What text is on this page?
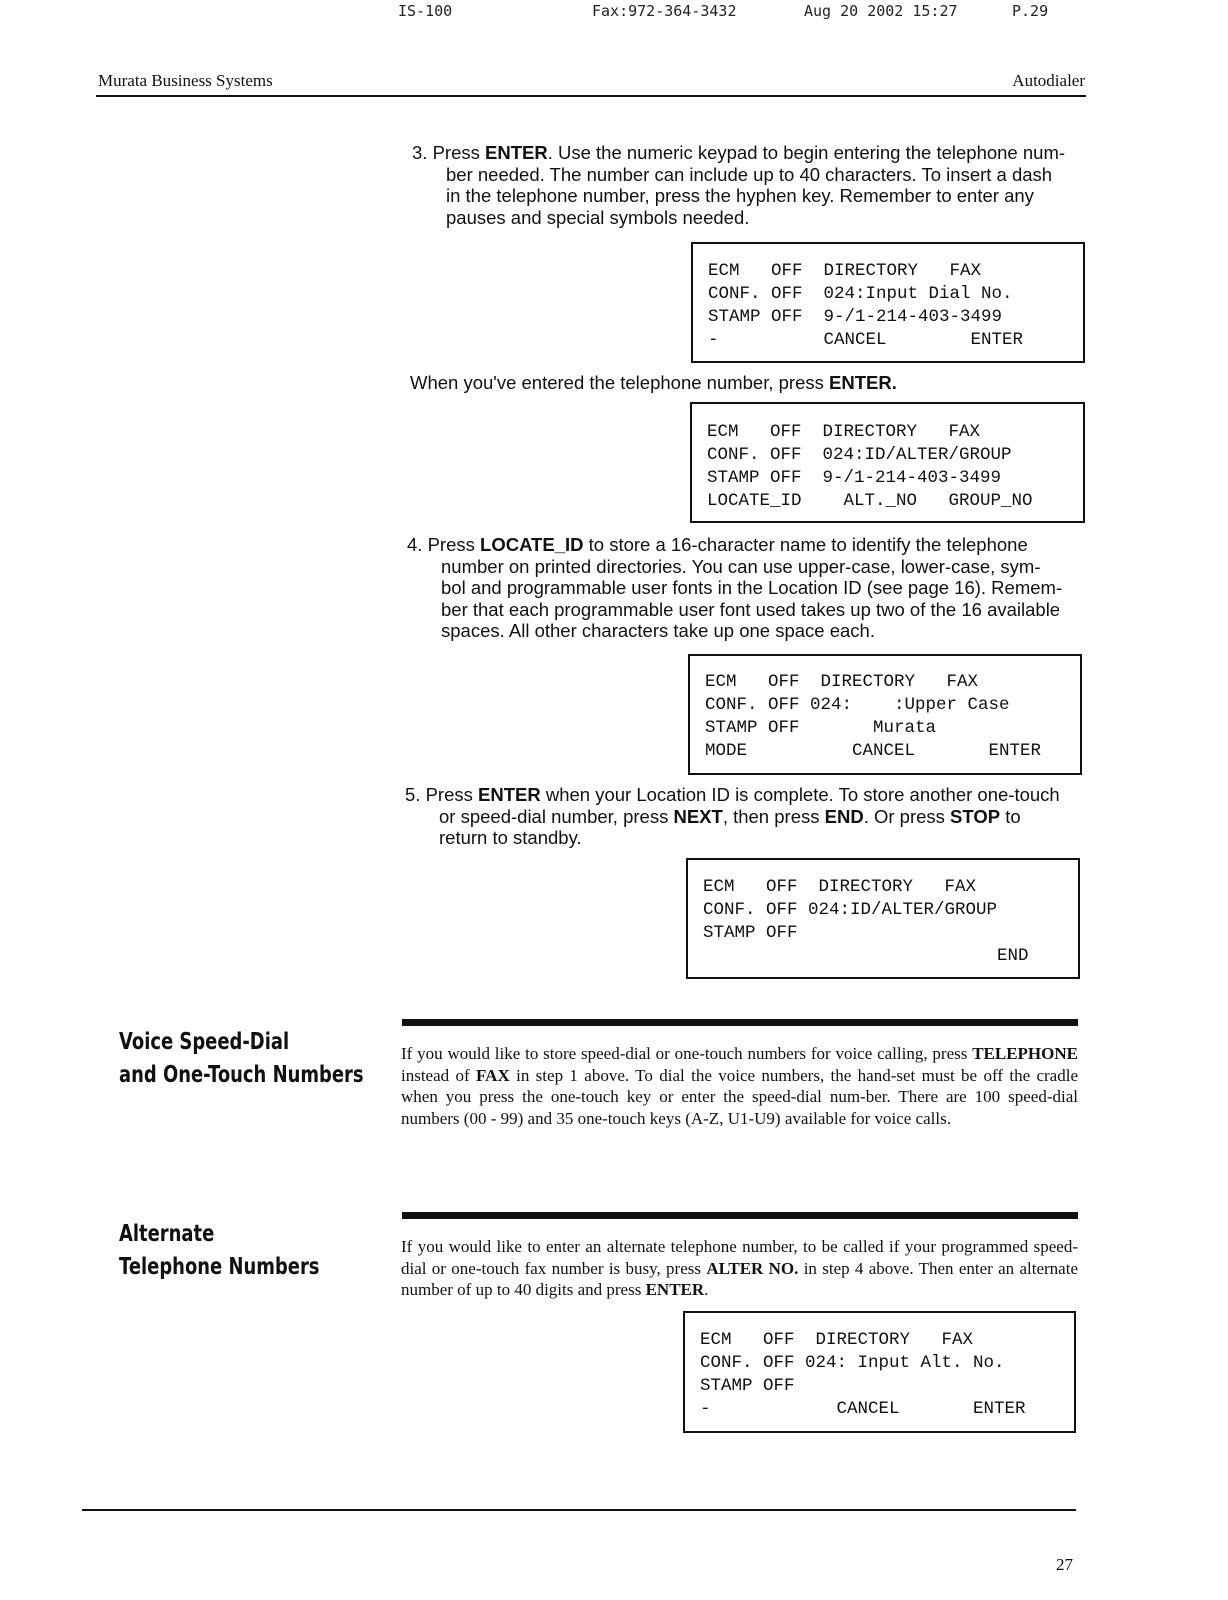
IS-100	Fax:972-364-3432	Aug 20 2002 15:27	P.29
Murata Business Systems	Autodialer
3. Press ENTER. Use the numeric keypad to begin entering the telephone num-
ber needed. The number can include up to 40 characters. To insert a dash
in the telephone number, press the hyphen key. Remember to enter any
pauses and special symbols needed.
ECM   OFF  DIRECTORY   FAX
CONF. OFF  024:Input Dial No.
STAMP OFF  9-/1-214-403-3499
-          CANCEL        ENTER
When you've entered the telephone number, press ENTER.
ECM   OFF  DIRECTORY   FAX
CONF. OFF  024:ID/ALTER/GROUP
STAMP OFF  9-/1-214-403-3499
LOCATE_ID    ALT._NO   GROUP_NO
4. Press LOCATE_ID to store a 16-character name to identify the telephone
number on printed directories. You can use upper-case, lower-case, sym-
bol and programmable user fonts in the Location ID (see page 16). Remem-
ber that each programmable user font used takes up two of the 16 available
spaces. All other characters take up one space each.
ECM   OFF  DIRECTORY   FAX
CONF. OFF 024:    :Upper Case
STAMP OFF       Murata
MODE          CANCEL       ENTER
5. Press ENTER when your Location ID is complete. To store another one-touch
or speed-dial number, press NEXT, then press END. Or press STOP to
return to standby.
ECM   OFF  DIRECTORY   FAX
CONF. OFF 024:ID/ALTER/GROUP
STAMP OFF
END
Voice Speed-Dial
and One-Touch Numbers
If you would like to store speed-dial or one-touch numbers for voice calling, press TELEPHONE instead of FAX in step 1 above. To dial the voice numbers, the hand-set must be off the cradle when you press the one-touch key or enter the speed-dial num-ber. There are 100 speed-dial numbers (00 - 99) and 35 one-touch keys (A-Z, U1-U9) available for voice calls.
Alternate
Telephone Numbers
If you would like to enter an alternate telephone number, to be called if your programmed speed-dial or one-touch fax number is busy, press ALTER NO. in step 4 above. Then enter an alternate number of up to 40 digits and press ENTER.
ECM   OFF  DIRECTORY   FAX
CONF. OFF 024: Input Alt. No.
STAMP OFF
-            CANCEL       ENTER
27
